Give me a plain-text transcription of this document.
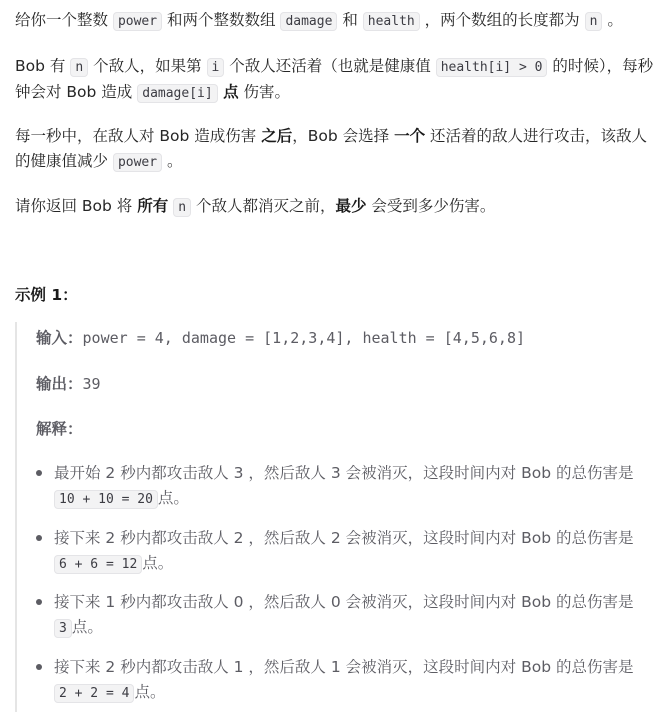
给你一个整数 power 和两个整数数组 damage 和 health ，两个数组的长度都为 n 。

Bob 有 n 个敌人，如果第 i 个敌人还活着（也就是健康值 health[i] > 0 的时候），每秒钟会对 Bob 造成 damage[i] 点 伤害。

每一秒中，在敌人对 Bob 造成伤害 之后，Bob 会选择 一个 还活着的敌人进行攻击，该敌人的健康值减少 power 。

请你返回 Bob 将 所有 n 个敌人都消灭之前，最少 会受到多少伤害。

示例 1：

输入：power = 4, damage = [1,2,3,4], health = [4,5,6,8]

输出：39

解释：

最开始 2 秒内都攻击敌人 3 ，然后敌人 3 会被消灭，这段时间内对 Bob 的总伤害是 10 + 10 = 20 点。

接下来 2 秒内都攻击敌人 2 ，然后敌人 2 会被消灭，这段时间内对 Bob 的总伤害是 6 + 6 = 12 点。

接下来 1 秒内都攻击敌人 0 ，然后敌人 0 会被消灭，这段时间内对 Bob 的总伤害是 3 点。

接下来 2 秒内都攻击敌人 1 ，然后敌人 1 会被消灭，这段时间内对 Bob 的总伤害是 2 + 2 = 4 点。
